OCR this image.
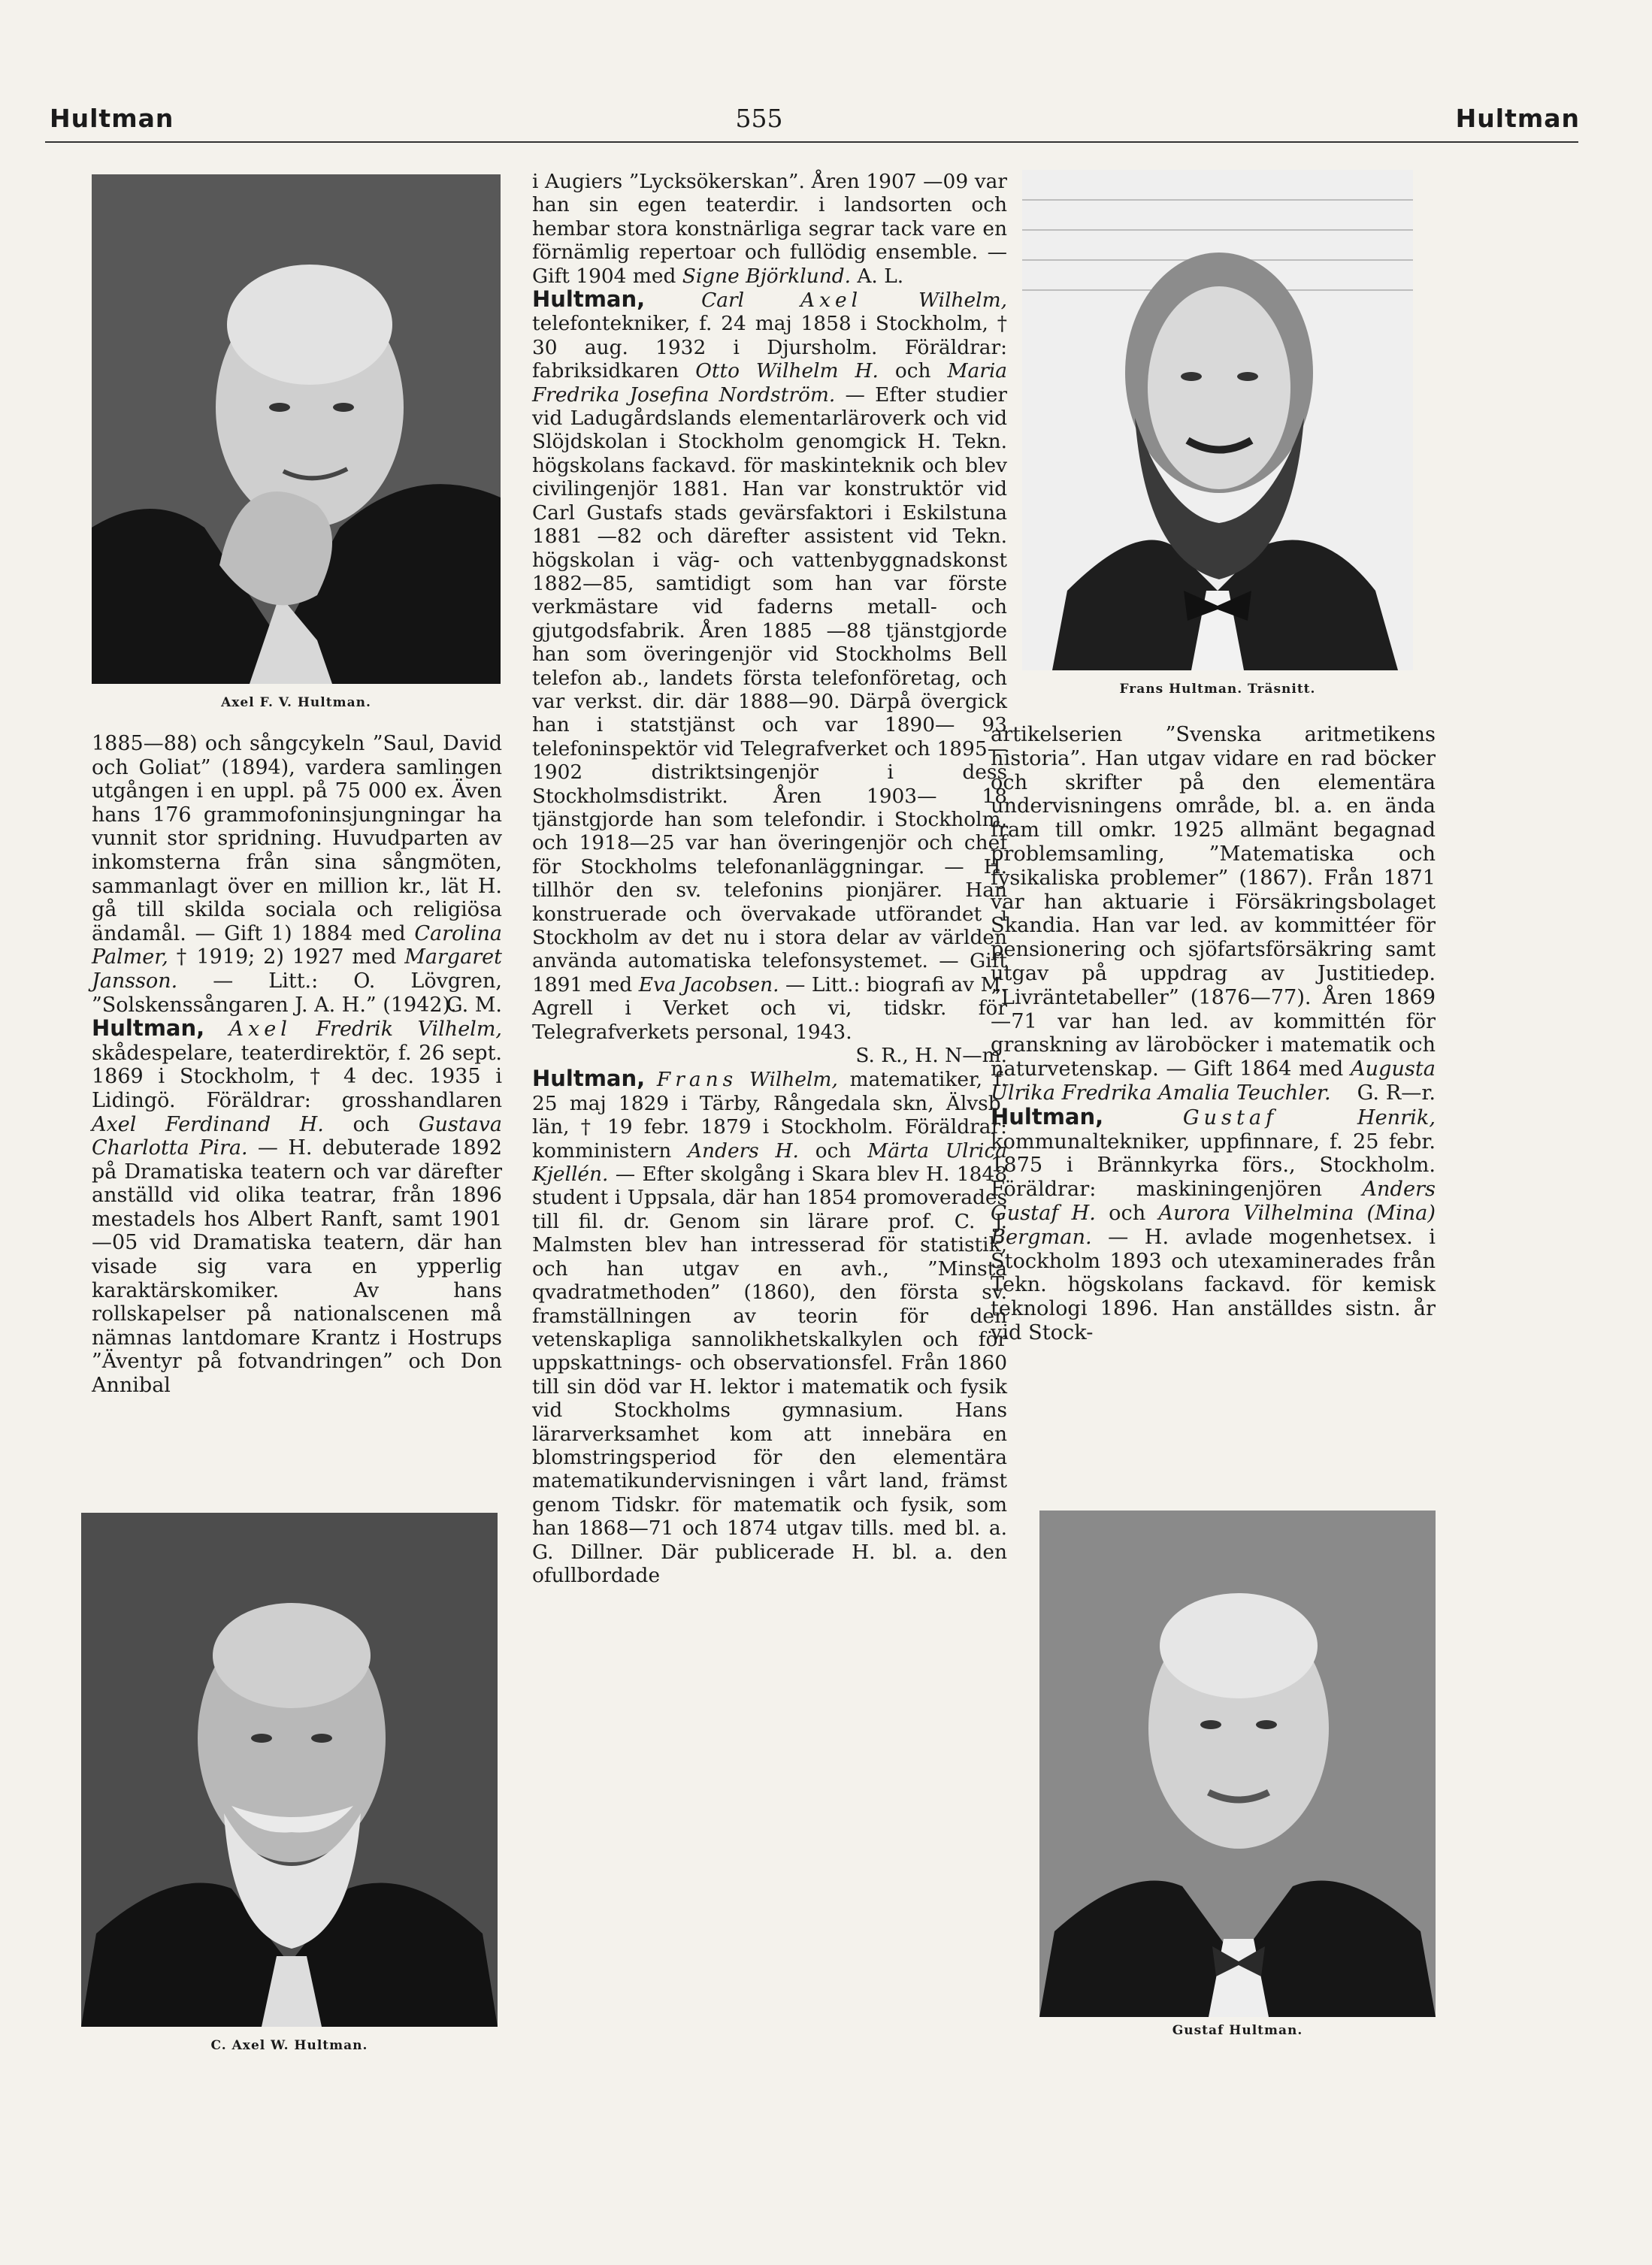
Hultman	555	Hultman
Axel F. V. Hultman.
Frans Hultman. Träsnitt.
C. Axel W. Hultman.
Gustaf Hultman.

1885—88) och sångcykeln ”Saul, David och Goliat” (1894), vardera samlingen utgången i en uppl. på 75 000 ex. Även hans 176 grammofoninsjungningar ha vunnit stor spridning. Huvudparten av inkomsterna från sina sångmöten, sammanlagt över en million kr., lät H. gå till skilda sociala och religiösa ändamål. — Gift 1) 1884 med Carolina Palmer, † 1919; 2) 1927 med Margaret Jansson. — Litt.: O. Lövgren, ”Solskenssångaren J. A. H.” (1942).

G. M.

Hultman, Axel Fredrik Vilhelm, skådespelare, teaterdirektör, f. 26 sept. 1869 i Stockholm, † 4 dec. 1935 i Lidingö. Föräldrar: grosshandlaren Axel Ferdinand H. och Gustava Charlotta Pira. — H. debuterade 1892 på Dramatiska teatern och var därefter anställd vid olika teatrar, från 1896 mestadels hos Albert Ranft, samt 1901 —05 vid Dramatiska teatern, där han visade sig vara en ypperlig karaktärskomiker. Av hans rollskapelser på nationalscenen må nämnas lantdomare Krantz i Hostrups ”Äventyr på fotvandringen” och Don Annibal

i Augiers ”Lycksökerskan”. Åren 1907 —09 var han sin egen teaterdir. i landsorten och hembar stora konstnärliga segrar tack vare en förnämlig repertoar och fullödig ensemble. — Gift 1904 med Signe Björklund. A. L.

Hultman, Carl Axel Wilhelm, telefontekniker, f. 24 maj 1858 i Stockholm, † 30 aug. 1932 i Djursholm. Föräldrar: fabriksidkaren Otto Wilhelm H. och Maria Fredrika Josefina Nordström. — Efter studier vid Ladugårdslands elementarläroverk och vid Slöjdskolan i Stockholm genomgick H. Tekn. högskolans fackavd. för maskinteknik och blev civilingenjör 1881. Han var konstruktör vid Carl Gustafs stads gevärsfaktori i Eskilstuna 1881 —82 och därefter assistent vid Tekn. högskolan i väg- och vattenbyggnadskonst 1882—85, samtidigt som han var förste verkmästare vid faderns metall- och gjutgodsfabrik. Åren 1885 —88 tjänstgjorde han som överingenjör vid Stockholms Bell telefon ab., landets första telefonföretag, och var verkst. dir. där 1888—90. Därpå övergick han i statstjänst och var 1890— 93 telefoninspektör vid Telegrafverket och 1895—1902 distriktsingenjör i dess Stockholmsdistrikt. Åren 1903— 18 tjänstgjorde han som telefondir. i Stockholm, och 1918—25 var han överingenjör och chef för Stockholms telefonanläggningar. — H. tillhör den sv. telefonins pionjärer. Han konstruerade och övervakade utförandet i Stockholm av det nu i stora delar av världen använda automatiska telefonsystemet. — Gift 1891 med Eva Jacobsen. — Litt.: biografi av M. Agrell i Verket och vi, tidskr. för Telegrafverkets personal, 1943.

S. R., H. N—m.

Hultman, Frans Wilhelm, matematiker, f. 25 maj 1829 i Tärby, Rångedala skn, Älvsb. län, † 19 febr. 1879 i Stockholm. Föräldrar: komministern Anders H. och Märta Ulrica Kjellén. — Efter skolgång i Skara blev H. 1848 student i Uppsala, där han 1854 promoverades till fil. dr. Genom sin lärare prof. C. J. Malmsten blev han intresserad för statistik, och han utgav en avh., ”Minsta qvadratmethoden” (1860), den första sv. framställningen av teorin för den vetenskapliga sannolikhetskalkylen och för uppskattnings- och observationsfel. Från 1860 till sin död var H. lektor i matematik och fysik vid Stockholms gymnasium. Hans lärarverksamhet kom att innebära en blomstringsperiod för den elementära matematikundervisningen i vårt land, främst genom Tidskr. för matematik och fysik, som han 1868—71 och 1874 utgav tills. med bl. a. G. Dillner. Där publicerade H. bl. a. den ofullbordade

artikelserien ”Svenska aritmetikens historia”. Han utgav vidare en rad böcker och skrifter på den elementära undervisningens område, bl. a. en ända fram till omkr. 1925 allmänt begagnad problemsamling, ”Matematiska och fysikaliska problemer” (1867). Från 1871 var han aktuarie i Försäkringsbolaget Skandia. Han var led. av kommittéer för pensionering och sjöfartsförsäkring samt utgav på uppdrag av Justitiedep. ”Livräntetabeller” (1876—77). Åren 1869—71 var han led. av kommittén för granskning av läroböcker i matematik och naturvetenskap. — Gift 1864 med Augusta Ulrika Fredrika Amalia Teuchler.	G. R—r.

Hultman,	Gustaf Henrik, kommunaltekniker, uppfinnare, f. 25 febr. 1875 i Brännkyrka förs., Stockholm. Föräldrar: maskiningenjören Anders Gustaf H. och Aurora Vilhelmina (Mina) Bergman. — H. avlade mogenhetsex. i Stockholm 1893 och utexaminerades från Tekn. högskolans fackavd. för kemisk teknologi 1896. Han anställdes sistn. år vid Stock-
